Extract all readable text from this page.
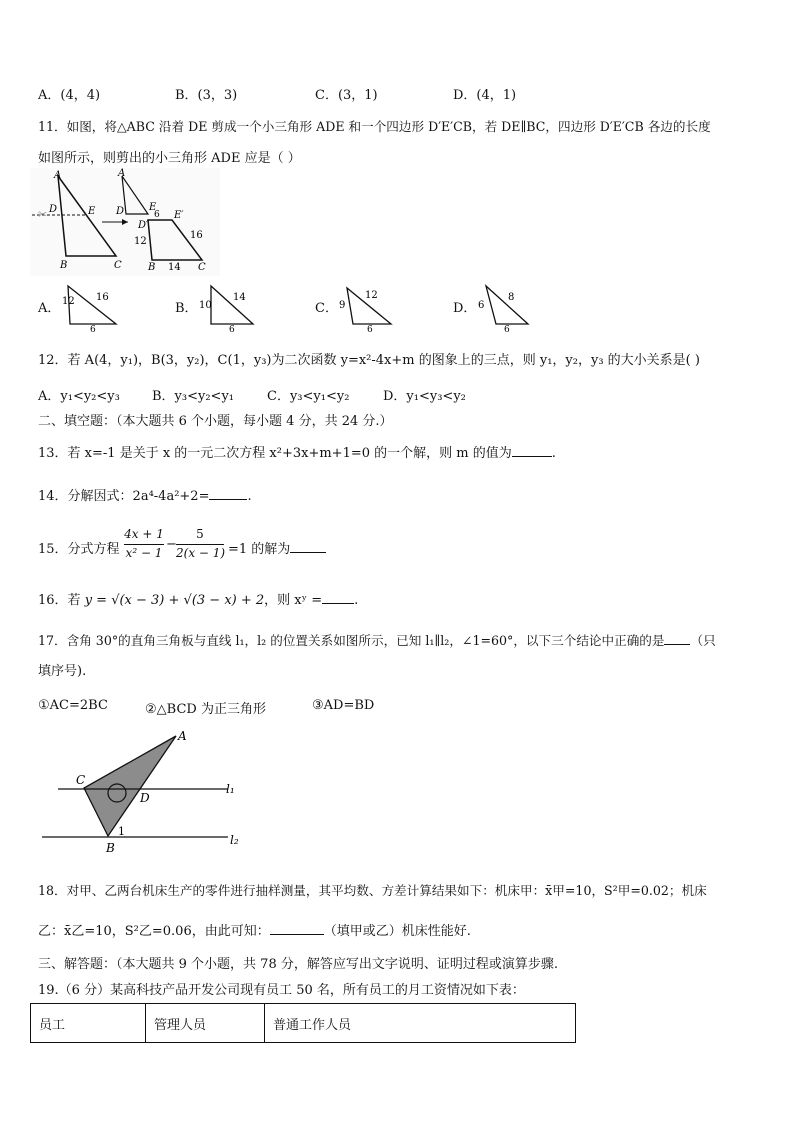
A．(4，4)	B．(3，3)	C．(3，1)	D．(4，1)
11．如图，将△ABC 沿着 DE 剪成一个小三角形 ADE 和一个四边形 D′E′CB，若 DE∥BC，四边形 D′E′CB 各边的长度
如图所示，则剪出的小三角形 ADE 应是（ ）
✂
A
D	E
B	C
A
D E
D′
E′
B	C
6
12
16
14
A． 12 16
6
B． 10
14
6
C． 9
12
6
D． 6
8
6
12．若 A(4，y₁)，B(3，y₂)，C(1，y₃)为二次函数 y=x²-4x+m 的图象上的三点，则 y₁，y₂，y₃ 的大小关系是( )
A．y₁<y₂<y₃ B．y₃<y₂<y₁	C．y₃<y₁<y₂	D．y₁<y₃<y₂
二、填空题：（本大题共 6 个小题，每小题 4 分，共 24 分.）
13．若 x=-1 是关于 x 的一元二次方程 x²+3x+m+1=0 的一个解，则 m 的值为	.
14．分解因式：2a⁴-4a²+2=	.
15．分式方程
4x + 1
x² − 1
−
5
2(x − 1) =1 的解为
16．若 y = √(x − 3) + √(3 − x) + 2，则 xʸ = .
17．含角 30°的直角三角板与直线 l₁，l₂ 的位置关系如图所示，已知 l₁∥l₂，∠1=60°，以下三个结论中正确的是 （只
填序号).
①AC=2BC	②△BCD 为正三角形	③AD=BD
A
C
D
B
1
l₁
l₂
18．对甲、乙两台机床生产的零件进行抽样测量，其平均数、方差计算结果如下：机床甲：x̄甲=10，S²甲=0.02；机床
乙：x̄乙=10，S²乙=0.06，由此可知：	（填甲或乙）机床性能好.
三、解答题：（本大题共 9 个小题，共 78 分，解答应写出文字说明、证明过程或演算步骤.
19.（6 分）某高科技产品开发公司现有员工 50 名，所有员工的月工资情况如下表：
员工	管理人员	普通工作人员
